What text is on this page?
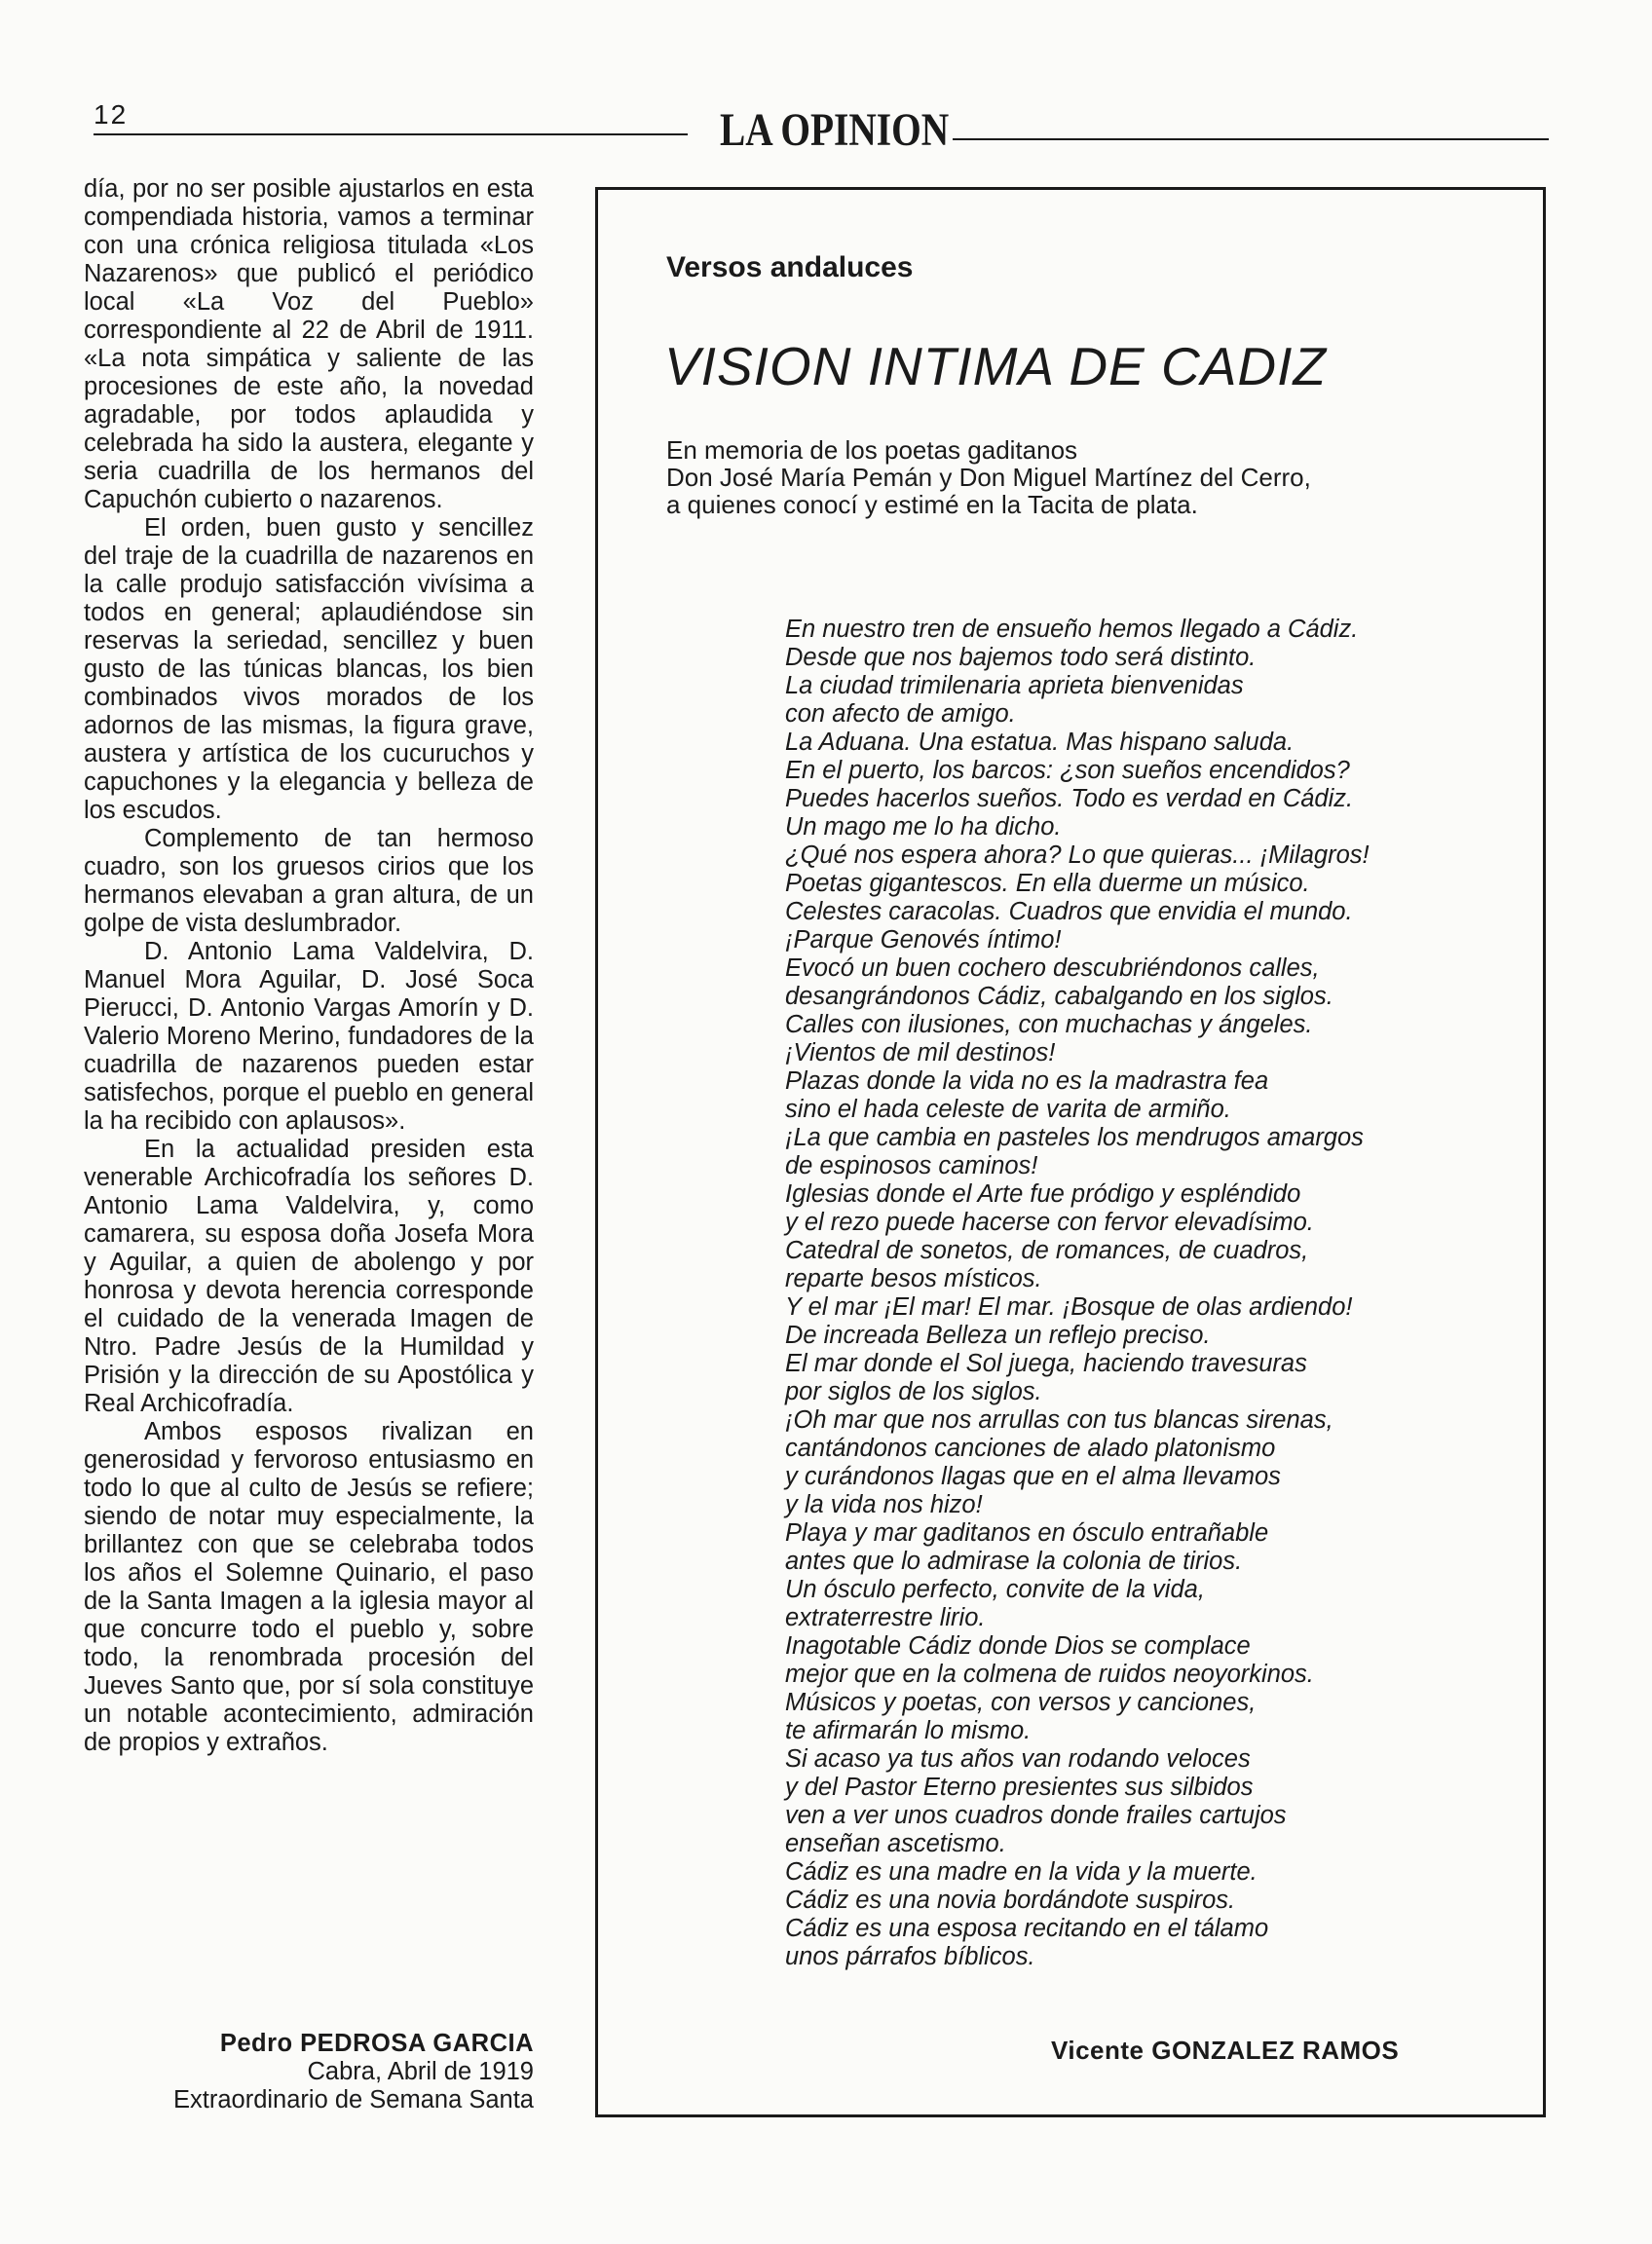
12	LA OPINION

día, por no ser posible ajustarlos en esta compendiada historia, vamos a terminar con una crónica religiosa titulada «Los Nazarenos» que publicó el periódico local «La Voz del Pueblo» correspondiente al 22 de Abril de 1911. «La nota simpática y saliente de las procesiones de este año, la novedad agradable, por todos aplaudida y celebrada ha sido la austera, elegante y seria cuadrilla de los hermanos del Capuchón cubierto o nazarenos.

El orden, buen gusto y sencillez del traje de la cuadrilla de nazarenos en la calle produjo satisfacción vivísima a todos en general; aplaudiéndose sin reservas la seriedad, sencillez y buen gusto de las túnicas blancas, los bien combinados vivos morados de los adornos de las mismas, la figura grave, austera y artística de los cucuruchos y capuchones y la elegancia y belleza de los escudos.

Complemento de tan hermoso cuadro, son los gruesos cirios que los hermanos elevaban a gran altura, de un golpe de vista deslumbrador.

D. Antonio Lama Valdelvira, D. Manuel Mora Aguilar, D. José Soca Pierucci, D. Antonio Vargas Amorín y D. Valerio Moreno Merino, fundadores de la cuadrilla de nazarenos pueden estar satisfechos, porque el pueblo en general la ha recibido con aplausos».

En la actualidad presiden esta venerable Archicofradía los señores D. Antonio Lama Valdelvira, y, como camarera, su esposa doña Josefa Mora y Aguilar, a quien de abolengo y por honrosa y devota herencia corresponde el cuidado de la venerada Imagen de Ntro. Padre Jesús de la Humildad y Prisión y la dirección de su Apostólica y Real Archicofradía.

Ambos esposos rivalizan en generosidad y fervoroso entusiasmo en todo lo que al culto de Jesús se refiere; siendo de notar muy especialmente, la brillantez con que se celebraba todos los años el Solemne Quinario, el paso de la Santa Imagen a la iglesia mayor al que concurre todo el pueblo y, sobre todo, la renombrada procesión del Jueves Santo que, por sí sola constituye un notable acontecimiento, admiración de propios y extraños.

Pedro PEDROSA GARCIA
Cabra, Abril de 1919
Extraordinario de Semana Santa
Versos andaluces
VISION INTIMA DE CADIZ
En memoria de los poetas gaditanos
Don José María Pemán y Don Miguel Martínez del Cerro,
a quienes conocí y estimé en la Tacita de plata.
En nuestro tren de ensueño hemos llegado a Cádiz.
Desde que nos bajemos todo será distinto.
La ciudad trimilenaria aprieta bienvenidas
con afecto de amigo.
La Aduana. Una estatua. Mas hispano saluda.
En el puerto, los barcos: ¿son sueños encendidos?
Puedes hacerlos sueños. Todo es verdad en Cádiz.
Un mago me lo ha dicho.
¿Qué nos espera ahora? Lo que quieras... ¡Milagros!
Poetas gigantescos. En ella duerme un músico.
Celestes caracolas. Cuadros que envidia el mundo.
¡Parque Genovés íntimo!
Evocó un buen cochero descubriéndonos calles,
desangrándonos Cádiz, cabalgando en los siglos.
Calles con ilusiones, con muchachas y ángeles.
¡Vientos de mil destinos!
Plazas donde la vida no es la madrastra fea
sino el hada celeste de varita de armiño.
¡La que cambia en pasteles los mendrugos amargos
de espinosos caminos!
Iglesias donde el Arte fue pródigo y espléndido
y el rezo puede hacerse con fervor elevadísimo.
Catedral de sonetos, de romances, de cuadros,
reparte besos místicos.
Y el mar ¡El mar! El mar. ¡Bosque de olas ardiendo!
De increada Belleza un reflejo preciso.
El mar donde el Sol juega, haciendo travesuras
por siglos de los siglos.
¡Oh mar que nos arrullas con tus blancas sirenas,
cantándonos canciones de alado platonismo
y curándonos llagas que en el alma llevamos
y la vida nos hizo!
Playa y mar gaditanos en ósculo entrañable
antes que lo admirase la colonia de tirios.
Un ósculo perfecto, convite de la vida,
extraterrestre lirio.
Inagotable Cádiz donde Dios se complace
mejor que en la colmena de ruidos neoyorkinos.
Músicos y poetas, con versos y canciones,
te afirmarán lo mismo.
Si acaso ya tus años van rodando veloces
y del Pastor Eterno presientes sus silbidos
ven a ver unos cuadros donde frailes cartujos
enseñan ascetismo.
Cádiz es una madre en la vida y la muerte.
Cádiz es una novia bordándote suspiros.
Cádiz es una esposa recitando en el tálamo
unos párrafos bíblicos.
Vicente GONZALEZ RAMOS
